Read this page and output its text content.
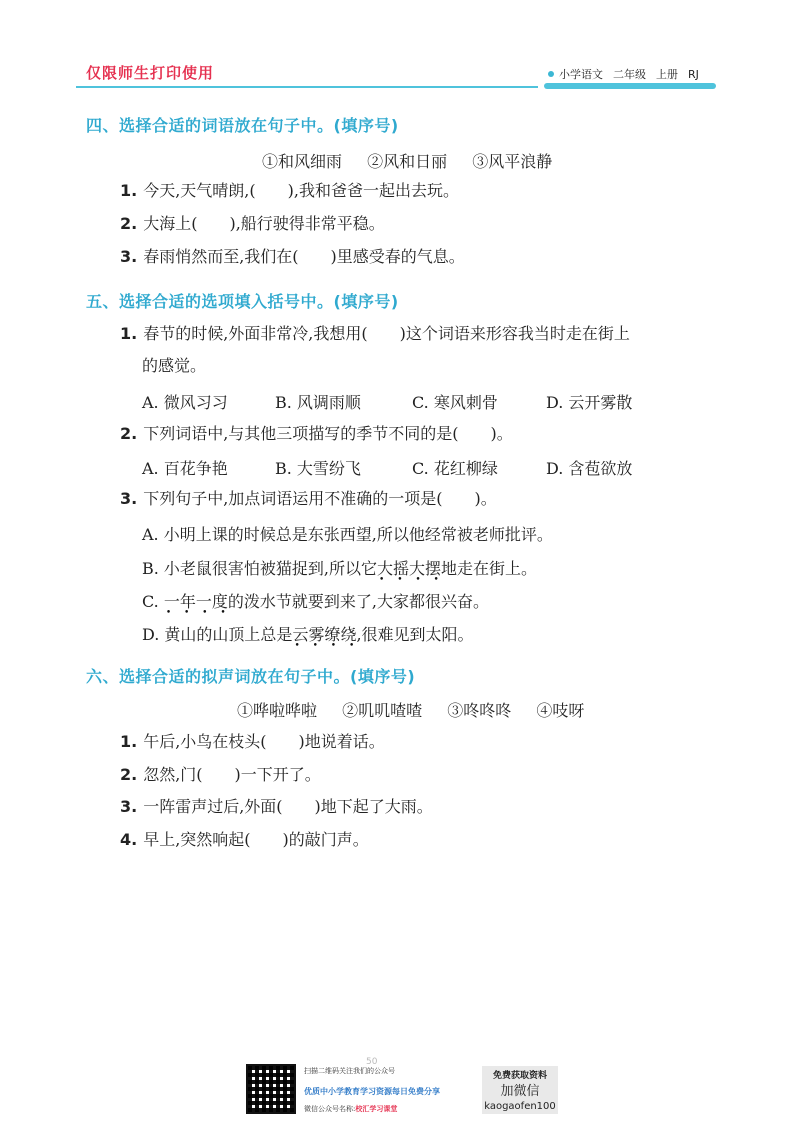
仅限师生打印使用	小学语文 二年级 上册 RJ
四、选择合适的词语放在句子中。(填序号)
①和风细雨 ②风和日丽 ③风平浪静
1. 今天,天气晴朗,(　　),我和爸爸一起出去玩。
2. 大海上(　　),船行驶得非常平稳。
3. 春雨悄然而至,我们在(　　)里感受春的气息。
五、选择合适的选项填入括号中。(填序号)
1. 春节的时候,外面非常冷,我想用(　　)这个词语来形容我当时走在街上
的感觉。
A. 微风习习	B. 风调雨顺	C. 寒风刺骨	D. 云开雾散
2. 下列词语中,与其他三项描写的季节不同的是(　　)。
A. 百花争艳	B. 大雪纷飞	C. 花红柳绿	D. 含苞欲放
3. 下列句子中,加点词语运用不准确的一项是(　　)。
A. 小明上课的时候总是东张西望,所以他经常被老师批评。
B. 小老鼠很害怕被猫捉到,所以它大摇大摆 • • • •地走在街上。
C. 一年一度 • • • •的泼水节就要到来了,大家都很兴奋。
D. 黄山的山顶上总是云雾缭绕 • • • •,很难见到太阳。
六、选择合适的拟声词放在句子中。(填序号)
①哗啦哗啦 ②叽叽喳喳 ③咚咚咚 ④吱呀
1. 午后,小鸟在枝头(　　)地说着话。
2. 忽然,门(　　)一下开了。
3. 一阵雷声过后,外面(　　)地下起了大雨。
4. 早上,突然响起(　　)的敲门声。
50
扫描二维码关注我们的公众号
优质中小学教育学习资源每日免费分享
微信公众号名称:校汇学习课堂
免费获取资料
加微信
kaogaofen100
